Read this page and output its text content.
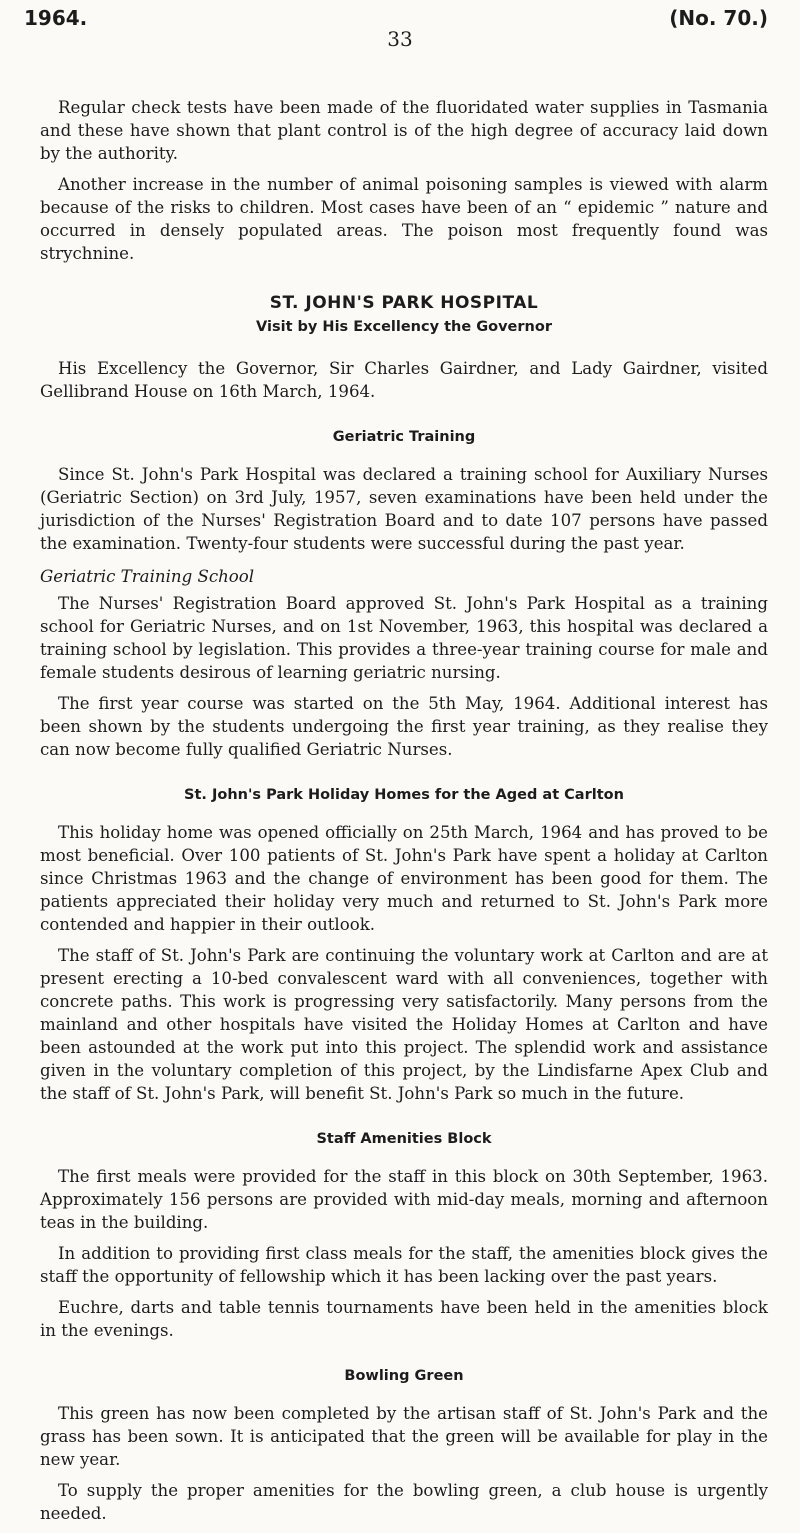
1964.	(No. 70.)
33

Regular check tests have been made of the fluoridated water supplies in Tasmania and these have shown that plant control is of the high degree of accuracy laid down by the authority.

Another increase in the number of animal poisoning samples is viewed with alarm because of the risks to children. Most cases have been of an “ epidemic ” nature and occurred in densely populated areas. The poison most frequently found was strychnine.

ST. JOHN'S PARK HOSPITAL
Visit by His Excellency the Governor

His Excellency the Governor, Sir Charles Gairdner, and Lady Gairdner, visited Gellibrand House on 16th March, 1964.

Geriatric Training

Since St. John's Park Hospital was declared a training school for Auxiliary Nurses (Geriatric Section) on 3rd July, 1957, seven examinations have been held under the jurisdiction of the Nurses' Registration Board and to date 107 persons have passed the examination. Twenty-four students were successful during the past year.

Geriatric Training School

The Nurses' Registration Board approved St. John's Park Hospital as a training school for Geriatric Nurses, and on 1st November, 1963, this hospital was declared a training school by legislation. This provides a three-year training course for male and female students desirous of learning geriatric nursing.

The first year course was started on the 5th May, 1964. Additional interest has been shown by the students undergoing the first year training, as they realise they can now become fully qualified Geriatric Nurses.

St. John's Park Holiday Homes for the Aged at Carlton

This holiday home was opened officially on 25th March, 1964 and has proved to be most beneficial. Over 100 patients of St. John's Park have spent a holiday at Carlton since Christmas 1963 and the change of environment has been good for them. The patients appreciated their holiday very much and returned to St. John's Park more contended and happier in their outlook.

The staff of St. John's Park are continuing the voluntary work at Carlton and are at present erecting a 10-bed convalescent ward with all conveniences, together with concrete paths. This work is progressing very satisfactorily. Many persons from the mainland and other hospitals have visited the Holiday Homes at Carlton and have been astounded at the work put into this project. The splendid work and assistance given in the voluntary completion of this project, by the Lindisfarne Apex Club and the staff of St. John's Park, will benefit St. John's Park so much in the future.

Staff Amenities Block

The first meals were provided for the staff in this block on 30th September, 1963. Approximately 156 persons are provided with mid-day meals, morning and afternoon teas in the building.

In addition to providing first class meals for the staff, the amenities block gives the staff the opportunity of fellowship which it has been lacking over the past years.

Euchre, darts and table tennis tournaments have been held in the amenities block in the evenings.

Bowling Green

This green has now been completed by the artisan staff of St. John's Park and the grass has been sown. It is anticipated that the green will be available for play in the new year.

To supply the proper amenities for the bowling green, a club house is urgently needed.
